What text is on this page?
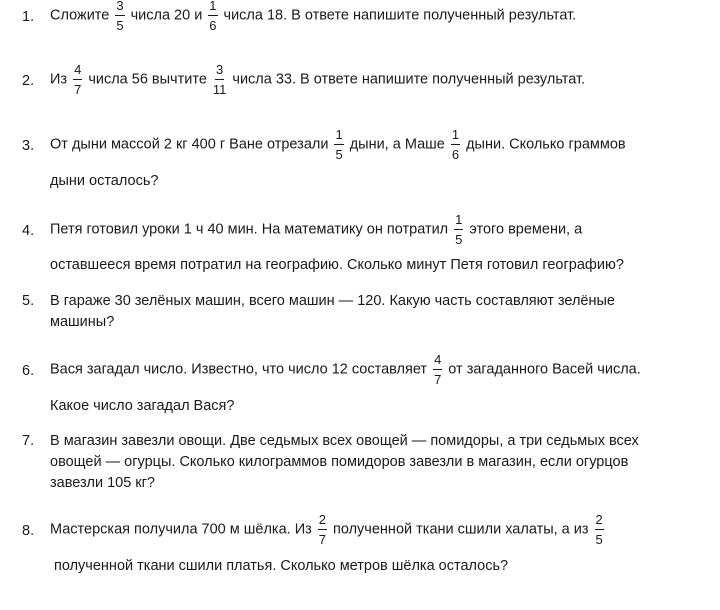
1. Сложите $\frac{3}{5}$ числа 20 и $\frac{1}{6}$ числа 18. В ответе напишите полученный результат.
2. Из $\frac{4}{7}$ числа 56 вычтите $\frac{3}{11}$ числа 33. В ответе напишите полученный результат.
3. От дыни массой 2 кг 400 г Ване отрезали $\frac{1}{5}$ дыни, а Маше $\frac{1}{6}$ дыни. Сколько граммов
дыни осталось?
4. Петя готовил уроки 1 ч 40 мин. На математику он потратил $\frac{1}{5}$ этого времени, а
оставшееся время потратил на географию. Сколько минут Петя готовил географию?
5. В гараже 30 зелёных машин, всего машин — 120. Какую часть составляют зелёные
машины?
6. Вася загадал число. Известно, что число 12 составляет $\frac{4}{7}$ от загаданного Васей числа.
Какое число загадал Вася?
7. В магазин завезли овощи. Две седьмых всех овощей — помидоры, а три седьмых всех
овощей — огурцы. Сколько килограммов помидоров завезли в магазин, если огурцов
завезли 105 кг?
8. Мастерская получила 700 м шёлка. Из $\frac{2}{7}$ полученной ткани сшили халаты, а из $\frac{2}{5}$
полученной ткани сшили платья. Сколько метров шёлка осталось?
